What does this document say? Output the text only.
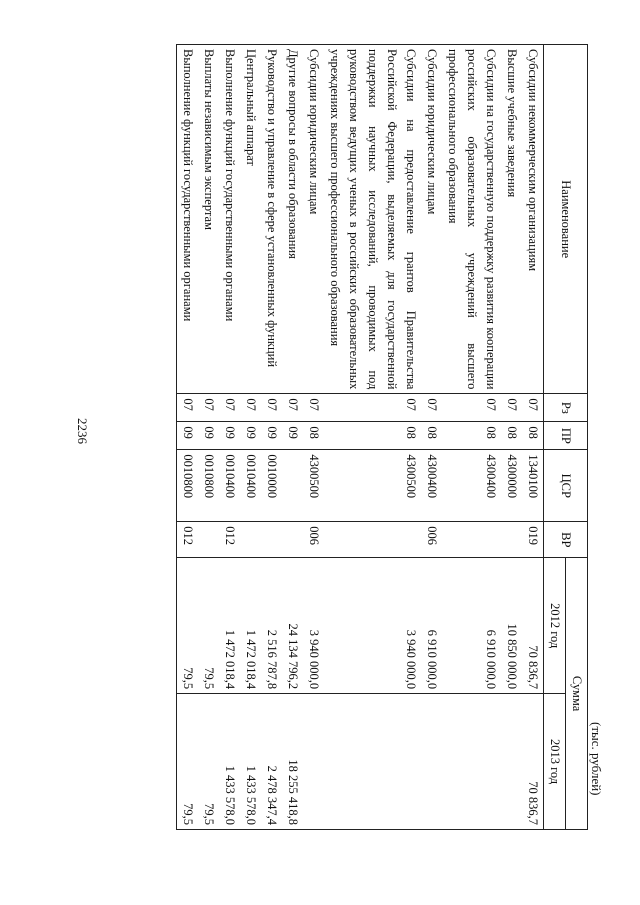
2236
(тыс. рублей)
Наименование	Рз	ПР	ЦСР	ВР	Сумма	
					2012 год	2013 год
Субсидии некоммерческим организациям	07	08	1340100	019	70 836,7	70 836,7
Высшие учебные заведения	07	08	4300000		10 850 000,0	
Субсидии на государственную поддержку развития кооперации российских образовательных учреждений высшего профессионального образования	07	08	4300400		6 910 000,0	
Субсидии юридическим лицам	07	08	4300400	006	6 910 000,0	
Субсидии на предоставление грантов Правительства Российской Федерации, выделяемых для государственной поддержки научных исследований, проводимых под руководством ведущих ученых в российских образовательных учреждениях высшего профессионального образования	07	08	4300500		3 940 000,0	
Субсидии юридическим лицам	07	08	4300500	006	3 940 000,0	
Другие вопросы в области образования	07	09			24 134 796,2	18 255 418,8
Руководство и управление в сфере установленных функций	07	09	0010000		2 516 787,8	2 478 347,4
Центральный аппарат	07	09	0010400		1 472 018,4	1 433 578,0
Выполнение функций государственными органами	07	09	0010400	012	1 472 018,4	1 433 578,0
Выплаты независимым экспертам	07	09	0010800		79,5	79,5
Выполнение функций государственными органами	07	09	0010800	012	79,5	79,5
